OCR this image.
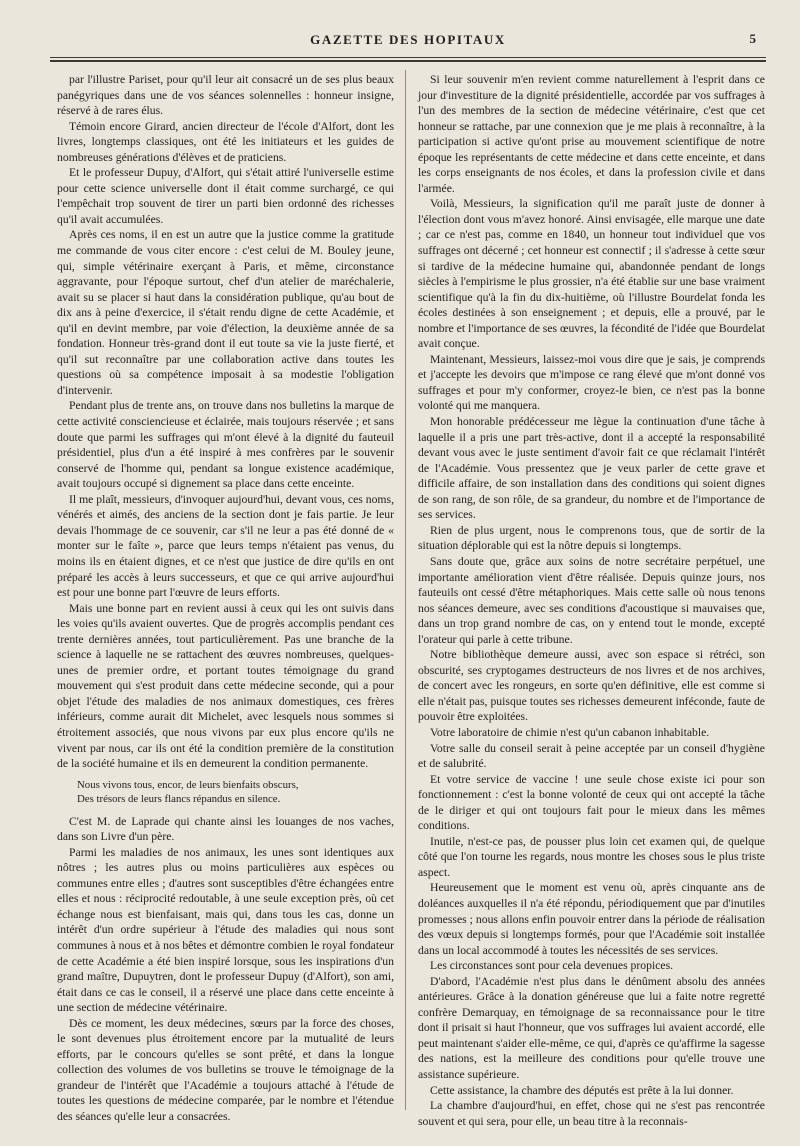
GAZETTE DES HOPITAUX	5

par l'illustre Pariset, pour qu'il leur ait consacré un de ses plus beaux panégyriques dans une de vos séances solennelles : honneur insigne, réservé à de rares élus.

Témoin encore Girard, ancien directeur de l'école d'Alfort, dont les livres, longtemps classiques, ont été les initiateurs et les guides de nombreuses générations d'élèves et de praticiens.

Et le professeur Dupuy, d'Alfort, qui s'était attiré l'universelle estime pour cette science universelle dont il était comme surchargé, ce qui l'empêchait trop souvent de tirer un parti bien ordonné des richesses qu'il avait accumulées.

Après ces noms, il en est un autre que la justice comme la gratitude me commande de vous citer encore : c'est celui de M. Bouley jeune, qui, simple vétérinaire exerçant à Paris, et même, circonstance aggravante, pour l'époque surtout, chef d'un atelier de maréchalerie, avait su se placer si haut dans la considération publique, qu'au bout de dix ans à peine d'exercice, il s'était rendu digne de cette Académie, et qu'il en devint membre, par voie d'élection, la deuxième année de sa fondation. Honneur très-grand dont il eut toute sa vie la juste fierté, et qu'il sut reconnaître par une collaboration active dans toutes les questions où sa compétence imposait à sa modestie l'obligation d'intervenir.

Pendant plus de trente ans, on trouve dans nos bulletins la marque de cette activité consciencieuse et éclairée, mais toujours réservée ; et sans doute que parmi les suffrages qui m'ont élevé à la dignité du fauteuil présidentiel, plus d'un a été inspiré à mes confrères par le souvenir conservé de l'homme qui, pendant sa longue existence académique, avait toujours occupé si dignement sa place dans cette enceinte.

Il me plaît, messieurs, d'invoquer aujourd'hui, devant vous, ces noms, vénérés et aimés, des anciens de la section dont je fais partie. Je leur devais l'hommage de ce souvenir, car s'il ne leur a pas été donné de « monter sur le faîte », parce que leurs temps n'étaient pas venus, du moins ils en étaient dignes, et ce n'est que justice de dire qu'ils en ont préparé les accès à leurs successeurs, et que ce qui arrive aujourd'hui est pour une bonne part l'œuvre de leurs efforts.

Mais une bonne part en revient aussi à ceux qui les ont suivis dans les voies qu'ils avaient ouvertes. Que de progrès accomplis pendant ces trente dernières années, tout particulièrement. Pas une branche de la science à laquelle ne se rattachent des œuvres nombreuses, quelques-unes de premier ordre, et portant toutes témoignage du grand mouvement qui s'est produit dans cette médecine seconde, qui a pour objet l'étude des maladies de nos animaux domestiques, ces frères inférieurs, comme aurait dit Michelet, avec lesquels nous sommes si étroitement associés, que nous vivons par eux plus encore qu'ils ne vivent par nous, car ils ont été la condition première de la constitution de la société humaine et ils en demeurent la condition permanente.

Nous vivons tous, encor, de leurs bienfaits obscurs,
Des trésors de leurs flancs répandus en silence.

C'est M. de Laprade qui chante ainsi les louanges de nos vaches, dans son Livre d'un père.

Parmi les maladies de nos animaux, les unes sont identiques aux nôtres ; les autres plus ou moins particulières aux espèces ou communes entre elles ; d'autres sont susceptibles d'être échangées entre elles et nous : réciprocité redoutable, à une seule exception près, où cet échange nous est bienfaisant, mais qui, dans tous les cas, donne un intérêt d'un ordre supérieur à l'étude des maladies qui nous sont communes à nous et à nos bêtes et démontre combien le royal fondateur de cette Académie a été bien inspiré lorsque, sous les inspirations d'un grand maître, Dupuytren, dont le professeur Dupuy (d'Alfort), son ami, était dans ce cas le conseil, il a réservé une place dans cette enceinte à une section de médecine vétérinaire.

Dès ce moment, les deux médecines, sœurs par la force des choses, le sont devenues plus étroitement encore par la mutualité de leurs efforts, par le concours qu'elles se sont prêté, et dans la longue collection des volumes de vos bulletins se trouve le témoignage de la grandeur de l'intérêt que l'Académie a toujours attaché à l'étude de toutes les questions de médecine comparée, par le nombre et l'étendue des séances qu'elle leur a consacrées.

Si leur souvenir m'en revient comme naturellement à l'esprit dans ce jour d'investiture de la dignité présidentielle, accordée par vos suffrages à l'un des membres de la section de médecine vétérinaire, c'est que cet honneur se rattache, par une connexion que je me plais à reconnaître, à la participation si active qu'ont prise au mouvement scientifique de notre époque les représentants de cette médecine et dans cette enceinte, et dans les corps enseignants de nos écoles, et dans la profession civile et dans l'armée.

Voilà, Messieurs, la signification qu'il me paraît juste de donner à l'élection dont vous m'avez honoré. Ainsi envisagée, elle marque une date ; car ce n'est pas, comme en 1840, un honneur tout individuel que vos suffrages ont décerné ; cet honneur est connectif ; il s'adresse à cette sœur si tardive de la médecine humaine qui, abandonnée pendant de longs siècles à l'empirisme le plus grossier, n'a été établie sur une base vraiment scientifique qu'à la fin du dix-huitième, où l'illustre Bourdelat fonda les écoles destinées à son enseignement ; et depuis, elle a prouvé, par le nombre et l'importance de ses œuvres, la fécondité de l'idée que Bourdelat avait conçue.

Maintenant, Messieurs, laissez-moi vous dire que je sais, je comprends et j'accepte les devoirs que m'impose ce rang élevé que m'ont donné vos suffrages et pour m'y conformer, croyez-le bien, ce n'est pas la bonne volonté qui me manquera.

Mon honorable prédécesseur me lègue la continuation d'une tâche à laquelle il a pris une part très-active, dont il a accepté la responsabilité devant vous avec le juste sentiment d'avoir fait ce que réclamait l'intérêt de l'Académie. Vous pressentez que je veux parler de cette grave et difficile affaire, de son installation dans des conditions qui soient dignes de son rang, de son rôle, de sa grandeur, du nombre et de l'importance de ses services.

Rien de plus urgent, nous le comprenons tous, que de sortir de la situation déplorable qui est la nôtre depuis si longtemps.

Sans doute que, grâce aux soins de notre secrétaire perpétuel, une importante amélioration vient d'être réalisée. Depuis quinze jours, nos fauteuils ont cessé d'être métaphoriques. Mais cette salle où nous tenons nos séances demeure, avec ses conditions d'acoustique si mauvaises que, dans un trop grand nombre de cas, on y entend tout le monde, excepté l'orateur qui parle à cette tribune.

Notre bibliothèque demeure aussi, avec son espace si rétréci, son obscurité, ses cryptogames destructeurs de nos livres et de nos archives, de concert avec les rongeurs, en sorte qu'en définitive, elle est comme si elle n'était pas, puisque toutes ses richesses demeurent inféconde, faute de pouvoir être exploitées.

Votre laboratoire de chimie n'est qu'un cabanon inhabitable.

Votre salle du conseil serait à peine acceptée par un conseil d'hygiène et de salubrité.

Et votre service de vaccine ! une seule chose existe ici pour son fonctionnement : c'est la bonne volonté de ceux qui ont accepté la tâche de le diriger et qui ont toujours fait pour le mieux dans les mêmes conditions.

Inutile, n'est-ce pas, de pousser plus loin cet examen qui, de quelque côté que l'on tourne les regards, nous montre les choses sous le plus triste aspect.

Heureusement que le moment est venu où, après cinquante ans de doléances auxquelles il n'a été répondu, périodiquement que par d'inutiles promesses ; nous allons enfin pouvoir entrer dans la période de réalisation des vœux depuis si longtemps formés, pour que l'Académie soit installée dans un local accommodé à toutes les nécessités de ses services.

Les circonstances sont pour cela devenues propices.

D'abord, l'Académie n'est plus dans le dénûment absolu des années antérieures. Grâce à la donation généreuse que lui a faite notre regretté confrère Demarquay, en témoignage de sa reconnaissance pour le titre dont il prisait si haut l'honneur, que vos suffrages lui avaient accordé, elle peut maintenant s'aider elle-même, ce qui, d'après ce qu'affirme la sagesse des nations, est la meilleure des conditions pour qu'elle trouve une assistance supérieure.

Cette assistance, la chambre des députés est prête à la lui donner.

La chambre d'aujourd'hui, en effet, chose qui ne s'est pas rencontrée souvent et qui sera, pour elle, un beau titre à la reconnais-
